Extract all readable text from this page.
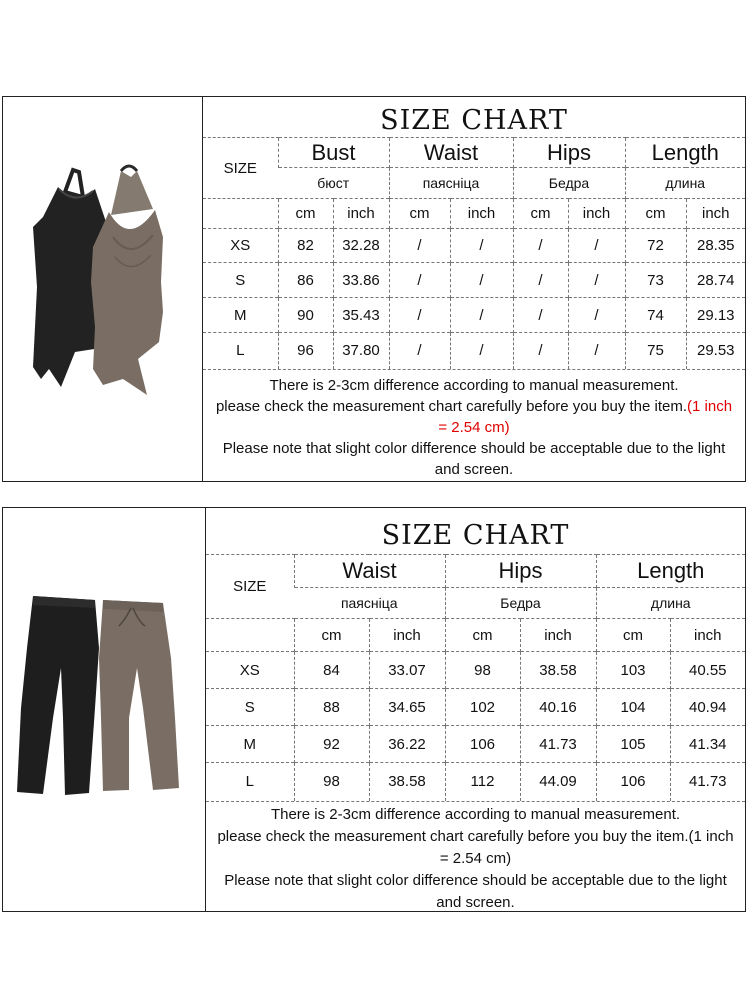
SIZE CHART
SIZE	Bust		Waist		Hips		Length	
	бюст		паясніца		Бедра		длина	
	cm	inch	cm	inch	cm	inch	cm	inch
XS	82	32.28	/	/	/	/	72	28.35
S	86	33.86	/	/	/	/	73	28.74
M	90	35.43	/	/	/	/	74	29.13
L	96	37.80	/	/	/	/	75	29.53
There is 2-3cm difference according to manual measurement.
please check the measurement chart carefully before you buy the item.(1 inch = 2.54 cm)
Please note that slight color difference should be acceptable due to the light and screen.
SIZE CHART
SIZE	Waist		Hips		Length	
	паясніца		Бедра		длина	
	cm	inch	cm	inch	cm	inch
XS	84	33.07	98	38.58	103	40.55
S	88	34.65	102	40.16	104	40.94
M	92	36.22	106	41.73	105	41.34
L	98	38.58	112	44.09	106	41.73
There is 2-3cm difference according to manual measurement.
please check the measurement chart carefully before you buy the item.(1 inch = 2.54 cm)
Please note that slight color difference should be acceptable due to the light and screen.
